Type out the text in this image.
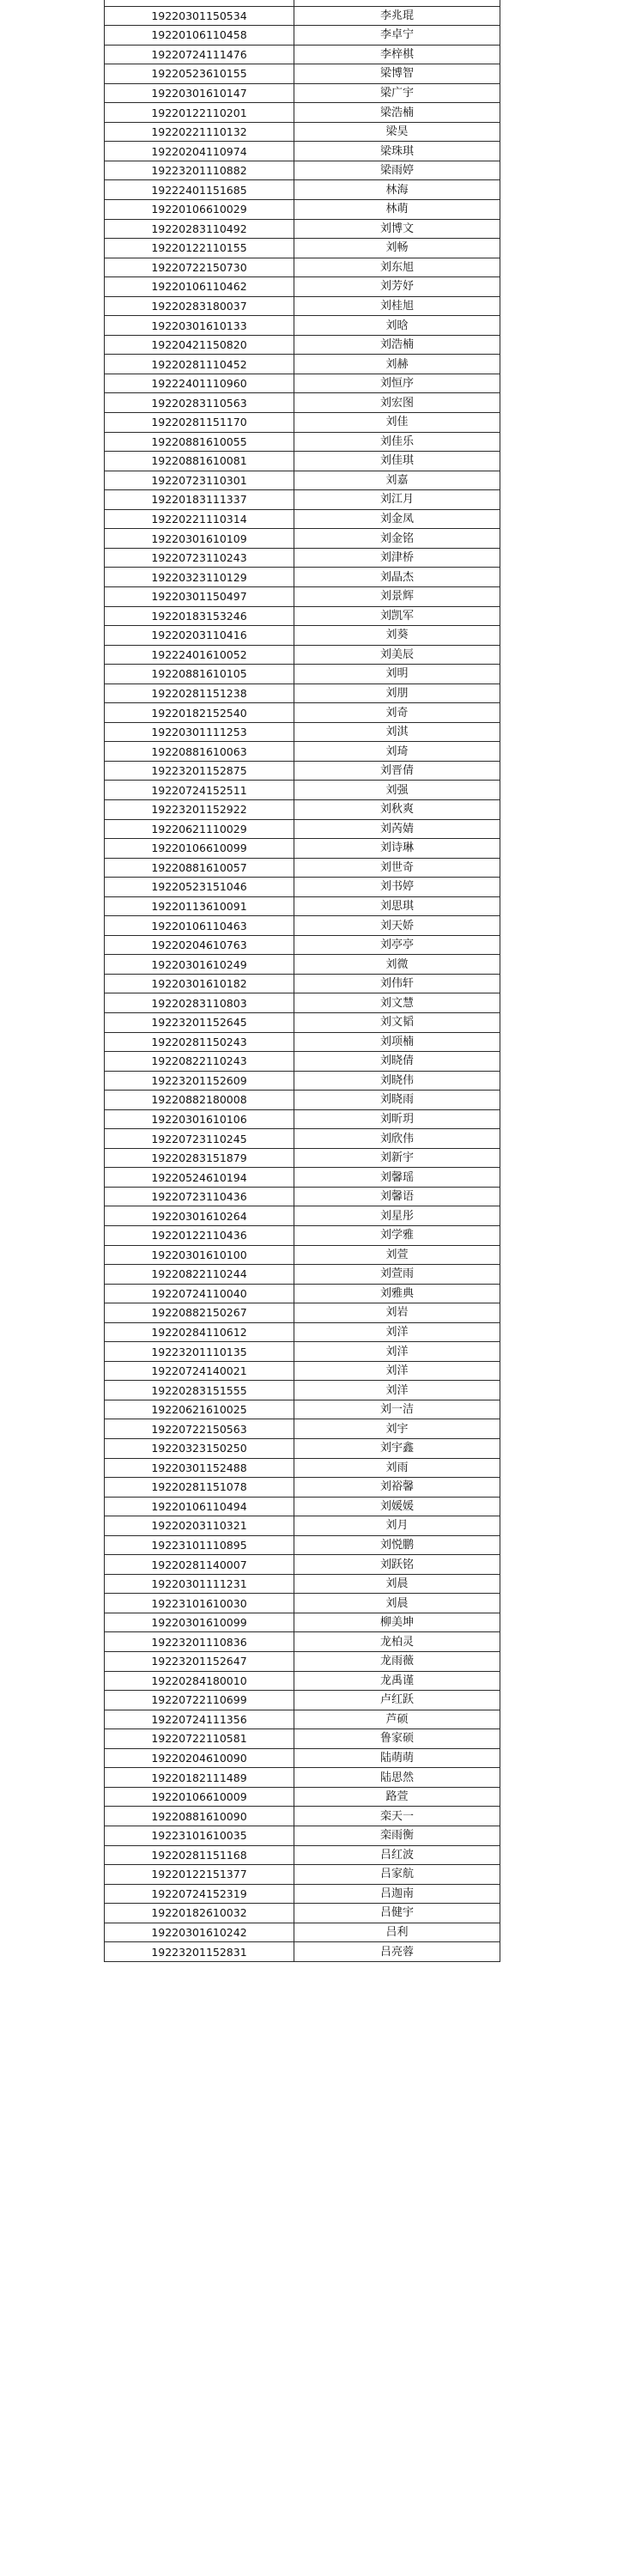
19220301150534	李兆琨
19220106110458	李卓宁
19220724111476	李梓棋
19220523610155	梁博智
19220301610147	梁广宇
19220122110201	梁浩楠
19220221110132	梁昊
19220204110974	梁珠琪
19223201110882	梁雨婷
19222401151685	林海
19220106610029	林萌
19220283110492	刘博文
19220122110155	刘畅
19220722150730	刘东旭
19220106110462	刘芳妤
19220283180037	刘桂旭
19220301610133	刘晗
19220421150820	刘浩楠
19220281110452	刘赫
19222401110960	刘恒序
19220283110563	刘宏图
19220281151170	刘佳
19220881610055	刘佳乐
19220881610081	刘佳琪
19220723110301	刘嘉
19220183111337	刘江月
19220221110314	刘金凤
19220301610109	刘金铭
19220723110243	刘津桥
19220323110129	刘晶杰
19220301150497	刘景辉
19220183153246	刘凯军
19220203110416	刘葵
19222401610052	刘美辰
19220881610105	刘明
19220281151238	刘朋
19220182152540	刘奇
19220301111253	刘淇
19220881610063	刘琦
19223201152875	刘晋倩
19220724152511	刘强
19223201152922	刘秋爽
19220621110029	刘芮婧
19220106610099	刘诗琳
19220881610057	刘世奇
19220523151046	刘书婷
19220113610091	刘思琪
19220106110463	刘天娇
19220204610763	刘亭亭
19220301610249	刘微
19220301610182	刘伟轩
19220283110803	刘文慧
19223201152645	刘文韬
19220281150243	刘项楠
19220822110243	刘晓倩
19223201152609	刘晓伟
19220882180008	刘晓雨
19220301610106	刘昕玥
19220723110245	刘欣伟
19220283151879	刘新宇
19220524610194	刘馨瑶
19220723110436	刘馨语
19220301610264	刘星彤
19220122110436	刘学雅
19220301610100	刘萱
19220822110244	刘萱雨
19220724110040	刘雅典
19220882150267	刘岩
19220284110612	刘洋
19223201110135	刘洋
19220724140021	刘洋
19220283151555	刘洋
19220621610025	刘一洁
19220722150563	刘宇
19220323150250	刘宇鑫
19220301152488	刘雨
19220281151078	刘裕馨
19220106110494	刘媛媛
19220203110321	刘月
19223101110895	刘悦鹏
19220281140007	刘跃铭
19220301111231	刘晨
19223101610030	刘晨
19220301610099	柳美坤
19223201110836	龙柏灵
19223201152647	龙雨薇
19220284180010	龙禹谨
19220722110699	卢红跃
19220724111356	芦硕
19220722110581	鲁家硕
19220204610090	陆萌萌
19220182111489	陆思然
19220106610009	路萱
19220881610090	栾天一
19223101610035	栾雨衡
19220281151168	吕红波
19220122151377	吕家航
19220724152319	吕迦南
19220182610032	吕健宇
19220301610242	吕利
19223201152831	吕亮蓉
